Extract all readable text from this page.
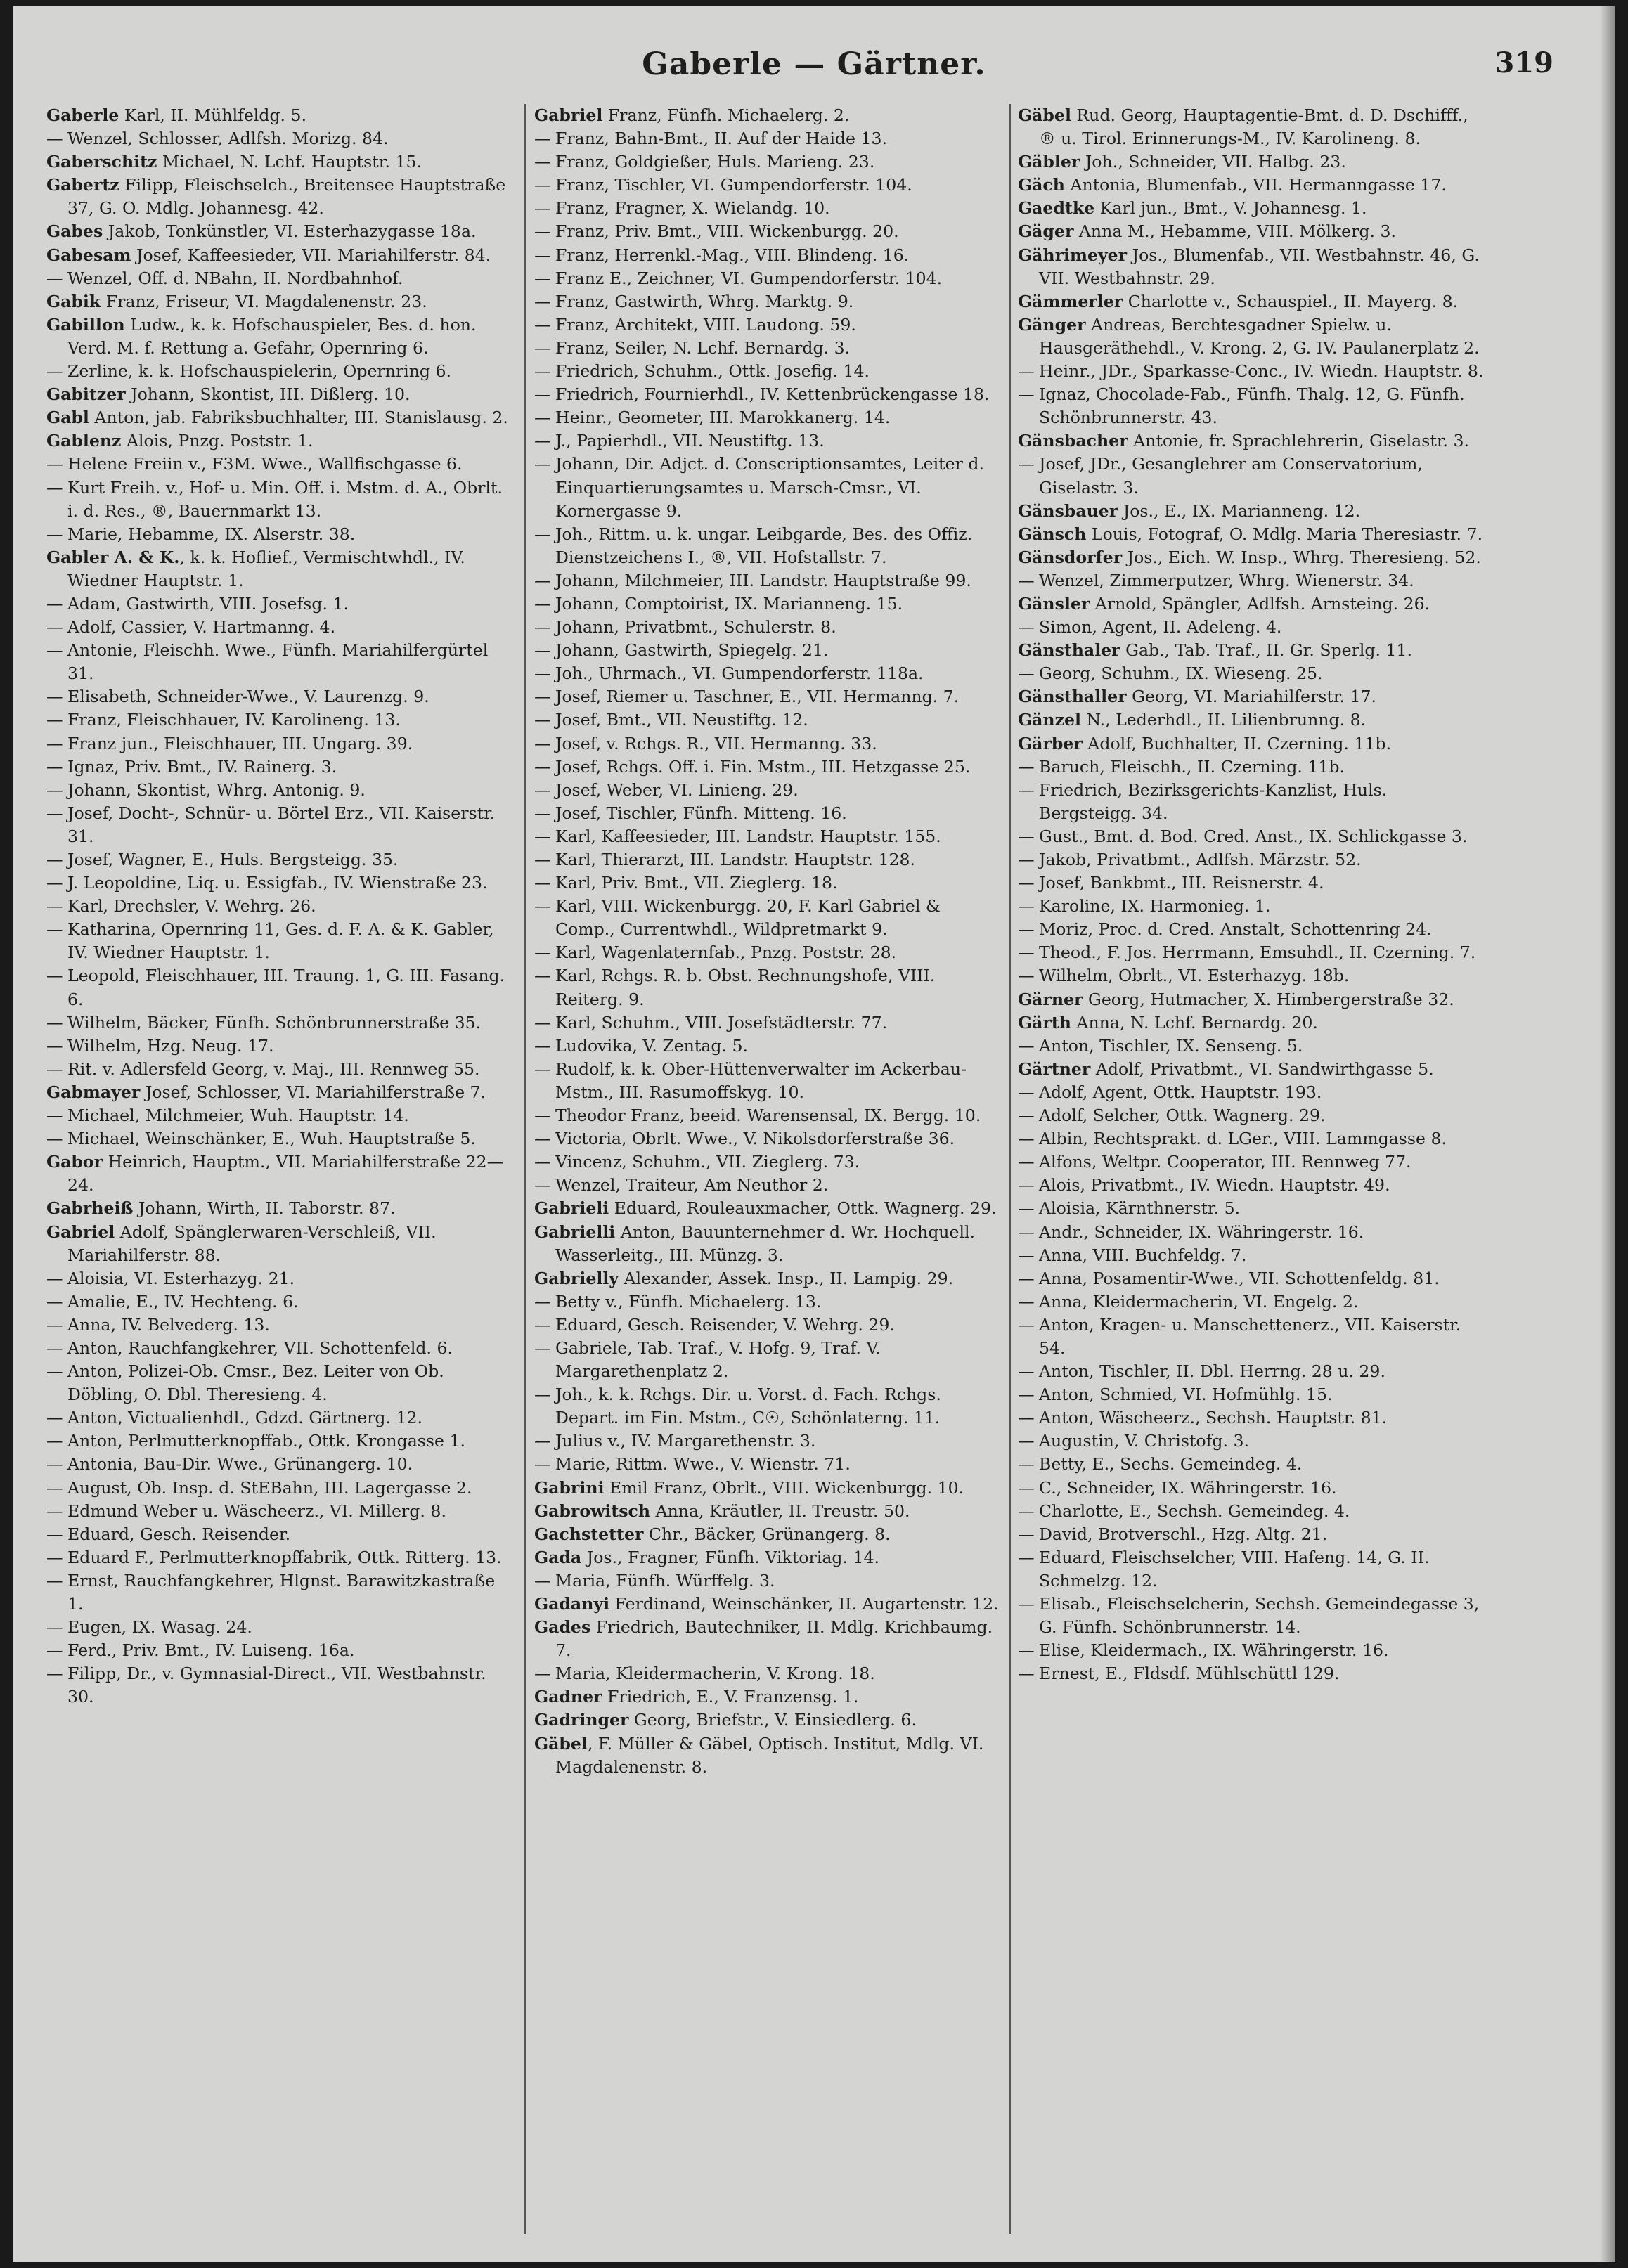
Gaberle — Gärtner.	319
Gaberle Karl, II. Mühlfeldg. 5.
— Wenzel, Schlosser, Adlfsh. Morizg. 84.
Gaberschitz Michael, N. Lchf. Hauptstr. 15.
Gabertz Filipp, Fleischselch., Breitensee Hauptstraße 37, G. O. Mdlg. Johannesg. 42.
Gabes Jakob, Tonkünstler, VI. Esterhazygasse 18a.
Gabesam Josef, Kaffeesieder, VII. Mariahilferstr. 84.
— Wenzel, Off. d. NBahn, II. Nordbahnhof.
Gabik Franz, Friseur, VI. Magdalenenstr. 23.
Gabillon Ludw., k. k. Hofschauspieler, Bes. d. hon. Verd. M. f. Rettung a. Gefahr, Opernring 6.
— Zerline, k. k. Hofschauspielerin, Opernring 6.
Gabitzer Johann, Skontist, III. Dißlerg. 10.
Gabl Anton, jab. Fabriksbuchhalter, III. Stanislausg. 2.
Gablenz Alois, Pnzg. Poststr. 1.
— Helene Freiin v., F3M. Wwe., Wallfischgasse 6.
— Kurt Freih. v., Hof- u. Min. Off. i. Mstm. d. A., Obrlt. i. d. Res., ®, Bauernmarkt 13.
— Marie, Hebamme, IX. Alserstr. 38.
Gabler A. & K., k. k. Hoflief., Vermischtwhdl., IV. Wiedner Hauptstr. 1.
— Adam, Gastwirth, VIII. Josefsg. 1.
— Adolf, Cassier, V. Hartmanng. 4.
— Antonie, Fleischh. Wwe., Fünfh. Mariahilfergürtel 31.
— Elisabeth, Schneider-Wwe., V. Laurenzg. 9.
— Franz, Fleischhauer, IV. Karolineng. 13.
— Franz jun., Fleischhauer, III. Ungarg. 39.
— Ignaz, Priv. Bmt., IV. Rainerg. 3.
— Johann, Skontist, Whrg. Antonig. 9.
— Josef, Docht-, Schnür- u. Börtel Erz., VII. Kaiserstr. 31.
— Josef, Wagner, E., Huls. Bergsteigg. 35.
— J. Leopoldine, Liq. u. Essigfab., IV. Wienstraße 23.
— Karl, Drechsler, V. Wehrg. 26.
— Katharina, Opernring 11, Ges. d. F. A. & K. Gabler, IV. Wiedner Hauptstr. 1.
— Leopold, Fleischhauer, III. Traung. 1, G. III. Fasang. 6.
— Wilhelm, Bäcker, Fünfh. Schönbrunnerstraße 35.
— Wilhelm, Hzg. Neug. 17.
— Rit. v. Adlersfeld Georg, v. Maj., III. Rennweg 55.
Gabmayer Josef, Schlosser, VI. Mariahilferstraße 7.
— Michael, Milchmeier, Wuh. Hauptstr. 14.
— Michael, Weinschänker, E., Wuh. Hauptstraße 5.
Gabor Heinrich, Hauptm., VII. Mariahilferstraße 22—24.
Gabrheiß Johann, Wirth, II. Taborstr. 87.
Gabriel Adolf, Spänglerwaren-Verschleiß, VII. Mariahilferstr. 88.
— Aloisia, VI. Esterhazyg. 21.
— Amalie, E., IV. Hechteng. 6.
— Anna, IV. Belvederg. 13.
— Anton, Rauchfangkehrer, VII. Schottenfeld. 6.
— Anton, Polizei-Ob. Cmsr., Bez. Leiter von Ob. Döbling, O. Dbl. Theresieng. 4.
— Anton, Victualienhdl., Gdzd. Gärtnerg. 12.
— Anton, Perlmutterknopffab., Ottk. Krongasse 1.
— Antonia, Bau-Dir. Wwe., Grünangerg. 10.
— August, Ob. Insp. d. StEBahn, III. Lagergasse 2.
— Edmund Weber u. Wäscheerz., VI. Millerg. 8.
— Eduard, Gesch. Reisender.
— Eduard F., Perlmutterknopffabrik, Ottk. Ritterg. 13.
— Ernst, Rauchfangkehrer, Hlgnst. Barawitzkastraße 1.
— Eugen, IX. Wasag. 24.
— Ferd., Priv. Bmt., IV. Luiseng. 16a.
— Filipp, Dr., v. Gymnasial-Direct., VII. Westbahnstr. 30.
Gabriel Franz, Fünfh. Michaelerg. 2.
— Franz, Bahn-Bmt., II. Auf der Haide 13.
— Franz, Goldgießer, Huls. Marieng. 23.
— Franz, Tischler, VI. Gumpendorferstr. 104.
— Franz, Fragner, X. Wielandg. 10.
— Franz, Priv. Bmt., VIII. Wickenburgg. 20.
— Franz, Herrenkl.-Mag., VIII. Blindeng. 16.
— Franz E., Zeichner, VI. Gumpendorferstr. 104.
— Franz, Gastwirth, Whrg. Marktg. 9.
— Franz, Architekt, VIII. Laudong. 59.
— Franz, Seiler, N. Lchf. Bernardg. 3.
— Friedrich, Schuhm., Ottk. Josefig. 14.
— Friedrich, Fournierhdl., IV. Kettenbrückengasse 18.
— Heinr., Geometer, III. Marokkanerg. 14.
— J., Papierhdl., VII. Neustiftg. 13.
— Johann, Dir. Adjct. d. Conscriptionsamtes, Leiter d. Einquartierungsamtes u. Marsch-Cmsr., VI. Kornergasse 9.
— Joh., Rittm. u. k. ungar. Leibgarde, Bes. des Offiz. Dienstzeichens I., ®, VII. Hofstallstr. 7.
— Johann, Milchmeier, III. Landstr. Hauptstraße 99.
— Johann, Comptoirist, IX. Marianneng. 15.
— Johann, Privatbmt., Schulerstr. 8.
— Johann, Gastwirth, Spiegelg. 21.
— Joh., Uhrmach., VI. Gumpendorferstr. 118a.
— Josef, Riemer u. Taschner, E., VII. Hermanng. 7.
— Josef, Bmt., VII. Neustiftg. 12.
— Josef, v. Rchgs. R., VII. Hermanng. 33.
— Josef, Rchgs. Off. i. Fin. Mstm., III. Hetzgasse 25.
— Josef, Weber, VI. Linieng. 29.
— Josef, Tischler, Fünfh. Mitteng. 16.
— Karl, Kaffeesieder, III. Landstr. Hauptstr. 155.
— Karl, Thierarzt, III. Landstr. Hauptstr. 128.
— Karl, Priv. Bmt., VII. Zieglerg. 18.
— Karl, VIII. Wickenburgg. 20, F. Karl Gabriel & Comp., Currentwhdl., Wildpretmarkt 9.
— Karl, Wagenlaternfab., Pnzg. Poststr. 28.
— Karl, Rchgs. R. b. Obst. Rechnungshofe, VIII. Reiterg. 9.
— Karl, Schuhm., VIII. Josefstädterstr. 77.
— Ludovika, V. Zentag. 5.
— Rudolf, k. k. Ober-Hüttenverwalter im Ackerbau-Mstm., III. Rasumoffskyg. 10.
— Theodor Franz, beeid. Warensensal, IX. Bergg. 10.
— Victoria, Obrlt. Wwe., V. Nikolsdorferstraße 36.
— Vincenz, Schuhm., VII. Zieglerg. 73.
— Wenzel, Traiteur, Am Neuthor 2.
Gabrieli Eduard, Rouleauxmacher, Ottk. Wagnerg. 29.
Gabrielli Anton, Bauunternehmer d. Wr. Hochquell. Wasserleitg., III. Münzg. 3.
Gabrielly Alexander, Assek. Insp., II. Lampig. 29.
— Betty v., Fünfh. Michaelerg. 13.
— Eduard, Gesch. Reisender, V. Wehrg. 29.
— Gabriele, Tab. Traf., V. Hofg. 9, Traf. V. Margarethenplatz 2.
— Joh., k. k. Rchgs. Dir. u. Vorst. d. Fach. Rchgs. Depart. im Fin. Mstm., C☉, Schönlaterng. 11.
— Julius v., IV. Margarethenstr. 3.
— Marie, Rittm. Wwe., V. Wienstr. 71.
Gabrini Emil Franz, Obrlt., VIII. Wickenburgg. 10.
Gabrowitsch Anna, Kräutler, II. Treustr. 50.
Gachstetter Chr., Bäcker, Grünangerg. 8.
Gada Jos., Fragner, Fünfh. Viktoriag. 14.
— Maria, Fünfh. Würffelg. 3.
Gadanyi Ferdinand, Weinschänker, II. Augartenstr. 12.
Gades Friedrich, Bautechniker, II. Mdlg. Krichbaumg. 7.
— Maria, Kleidermacherin, V. Krong. 18.
Gadner Friedrich, E., V. Franzensg. 1.
Gadringer Georg, Briefstr., V. Einsiedlerg. 6.
Gäbel, F. Müller & Gäbel, Optisch. Institut, Mdlg. VI. Magdalenenstr. 8.
Gäbel Rud. Georg, Hauptagentie-Bmt. d. D. Dschifff., ® u. Tirol. Erinnerungs-M., IV. Karolineng. 8.
Gäbler Joh., Schneider, VII. Halbg. 23.
Gäch Antonia, Blumenfab., VII. Hermanngasse 17.
Gaedtke Karl jun., Bmt., V. Johannesg. 1.
Gäger Anna M., Hebamme, VIII. Mölkerg. 3.
Gährimeyer Jos., Blumenfab., VII. Westbahnstr. 46, G. VII. Westbahnstr. 29.
Gämmerler Charlotte v., Schauspiel., II. Mayerg. 8.
Gänger Andreas, Berchtesgadner Spielw. u. Hausgeräthehdl., V. Krong. 2, G. IV. Paulanerplatz 2.
— Heinr., JDr., Sparkasse-Conc., IV. Wiedn. Hauptstr. 8.
— Ignaz, Chocolade-Fab., Fünfh. Thalg. 12, G. Fünfh. Schönbrunnerstr. 43.
Gänsbacher Antonie, fr. Sprachlehrerin, Giselastr. 3.
— Josef, JDr., Gesanglehrer am Conservatorium, Giselastr. 3.
Gänsbauer Jos., E., IX. Marianneng. 12.
Gänsch Louis, Fotograf, O. Mdlg. Maria Theresiastr. 7.
Gänsdorfer Jos., Eich. W. Insp., Whrg. Theresieng. 52.
— Wenzel, Zimmerputzer, Whrg. Wienerstr. 34.
Gänsler Arnold, Spängler, Adlfsh. Arnsteing. 26.
— Simon, Agent, II. Adeleng. 4.
Gänsthaler Gab., Tab. Traf., II. Gr. Sperlg. 11.
— Georg, Schuhm., IX. Wieseng. 25.
Gänsthaller Georg, VI. Mariahilferstr. 17.
Gänzel N., Lederhdl., II. Lilienbrunng. 8.
Gärber Adolf, Buchhalter, II. Czerning. 11b.
— Baruch, Fleischh., II. Czerning. 11b.
— Friedrich, Bezirksgerichts-Kanzlist, Huls. Bergsteigg. 34.
— Gust., Bmt. d. Bod. Cred. Anst., IX. Schlickgasse 3.
— Jakob, Privatbmt., Adlfsh. Märzstr. 52.
— Josef, Bankbmt., III. Reisnerstr. 4.
— Karoline, IX. Harmonieg. 1.
— Moriz, Proc. d. Cred. Anstalt, Schottenring 24.
— Theod., F. Jos. Herrmann, Emsuhdl., II. Czerning. 7.
— Wilhelm, Obrlt., VI. Esterhazyg. 18b.
Gärner Georg, Hutmacher, X. Himbergerstraße 32.
Gärth Anna, N. Lchf. Bernardg. 20.
— Anton, Tischler, IX. Senseng. 5.
Gärtner Adolf, Privatbmt., VI. Sandwirthgasse 5.
— Adolf, Agent, Ottk. Hauptstr. 193.
— Adolf, Selcher, Ottk. Wagnerg. 29.
— Albin, Rechtsprakt. d. LGer., VIII. Lammgasse 8.
— Alfons, Weltpr. Cooperator, III. Rennweg 77.
— Alois, Privatbmt., IV. Wiedn. Hauptstr. 49.
— Aloisia, Kärnthnerstr. 5.
— Andr., Schneider, IX. Währingerstr. 16.
— Anna, VIII. Buchfeldg. 7.
— Anna, Posamentir-Wwe., VII. Schottenfeldg. 81.
— Anna, Kleidermacherin, VI. Engelg. 2.
— Anton, Kragen- u. Manschettenerz., VII. Kaiserstr. 54.
— Anton, Tischler, II. Dbl. Herrng. 28 u. 29.
— Anton, Schmied, VI. Hofmühlg. 15.
— Anton, Wäscheerz., Sechsh. Hauptstr. 81.
— Augustin, V. Christofg. 3.
— Betty, E., Sechs. Gemeindeg. 4.
— C., Schneider, IX. Währingerstr. 16.
— Charlotte, E., Sechsh. Gemeindeg. 4.
— David, Brotverschl., Hzg. Altg. 21.
— Eduard, Fleischselcher, VIII. Hafeng. 14, G. II. Schmelzg. 12.
— Elisab., Fleischselcherin, Sechsh. Gemeindegasse 3, G. Fünfh. Schönbrunnerstr. 14.
— Elise, Kleidermach., IX. Währingerstr. 16.
— Ernest, E., Fldsdf. Mühlschüttl 129.
